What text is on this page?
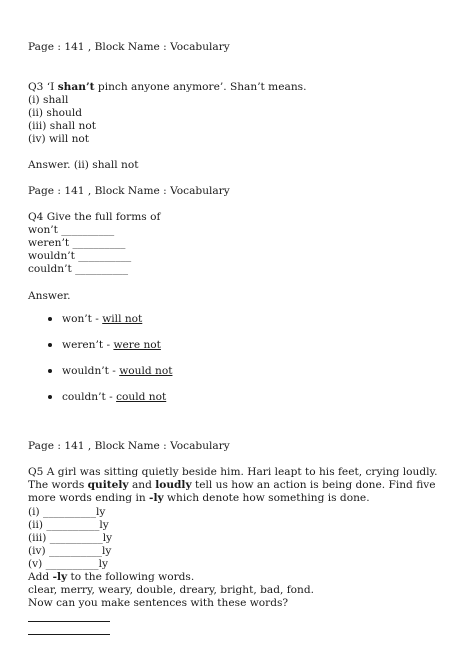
Page : 141 , Block Name : Vocabulary
Q3 ‘I shan’t pinch anyone anymore’. Shan’t means.
(i) shall
(ii) should
(iii) shall not
(iv) will not
Answer. (ii) shall not
Page : 141 , Block Name : Vocabulary
Q4 Give the full forms of
won’t __________
weren’t __________
wouldn’t __________
couldn’t __________
Answer.
won’t - will not
weren’t - were not
wouldn’t - would not
couldn’t - could not
Page : 141 , Block Name : Vocabulary
Q5 A girl was sitting quietly beside him. Hari leapt to his feet, crying loudly. The words quitely and loudly tell us how an action is being done. Find five more words ending in -ly which denote how something is done.
(i) __________ly
(ii) __________ly
(iii) __________ly
(iv) __________ly
(v) __________ly
Add -ly to the following words.
clear, merry, weary, double, dreary, bright, bad, fond.
Now can you make sentences with these words?
